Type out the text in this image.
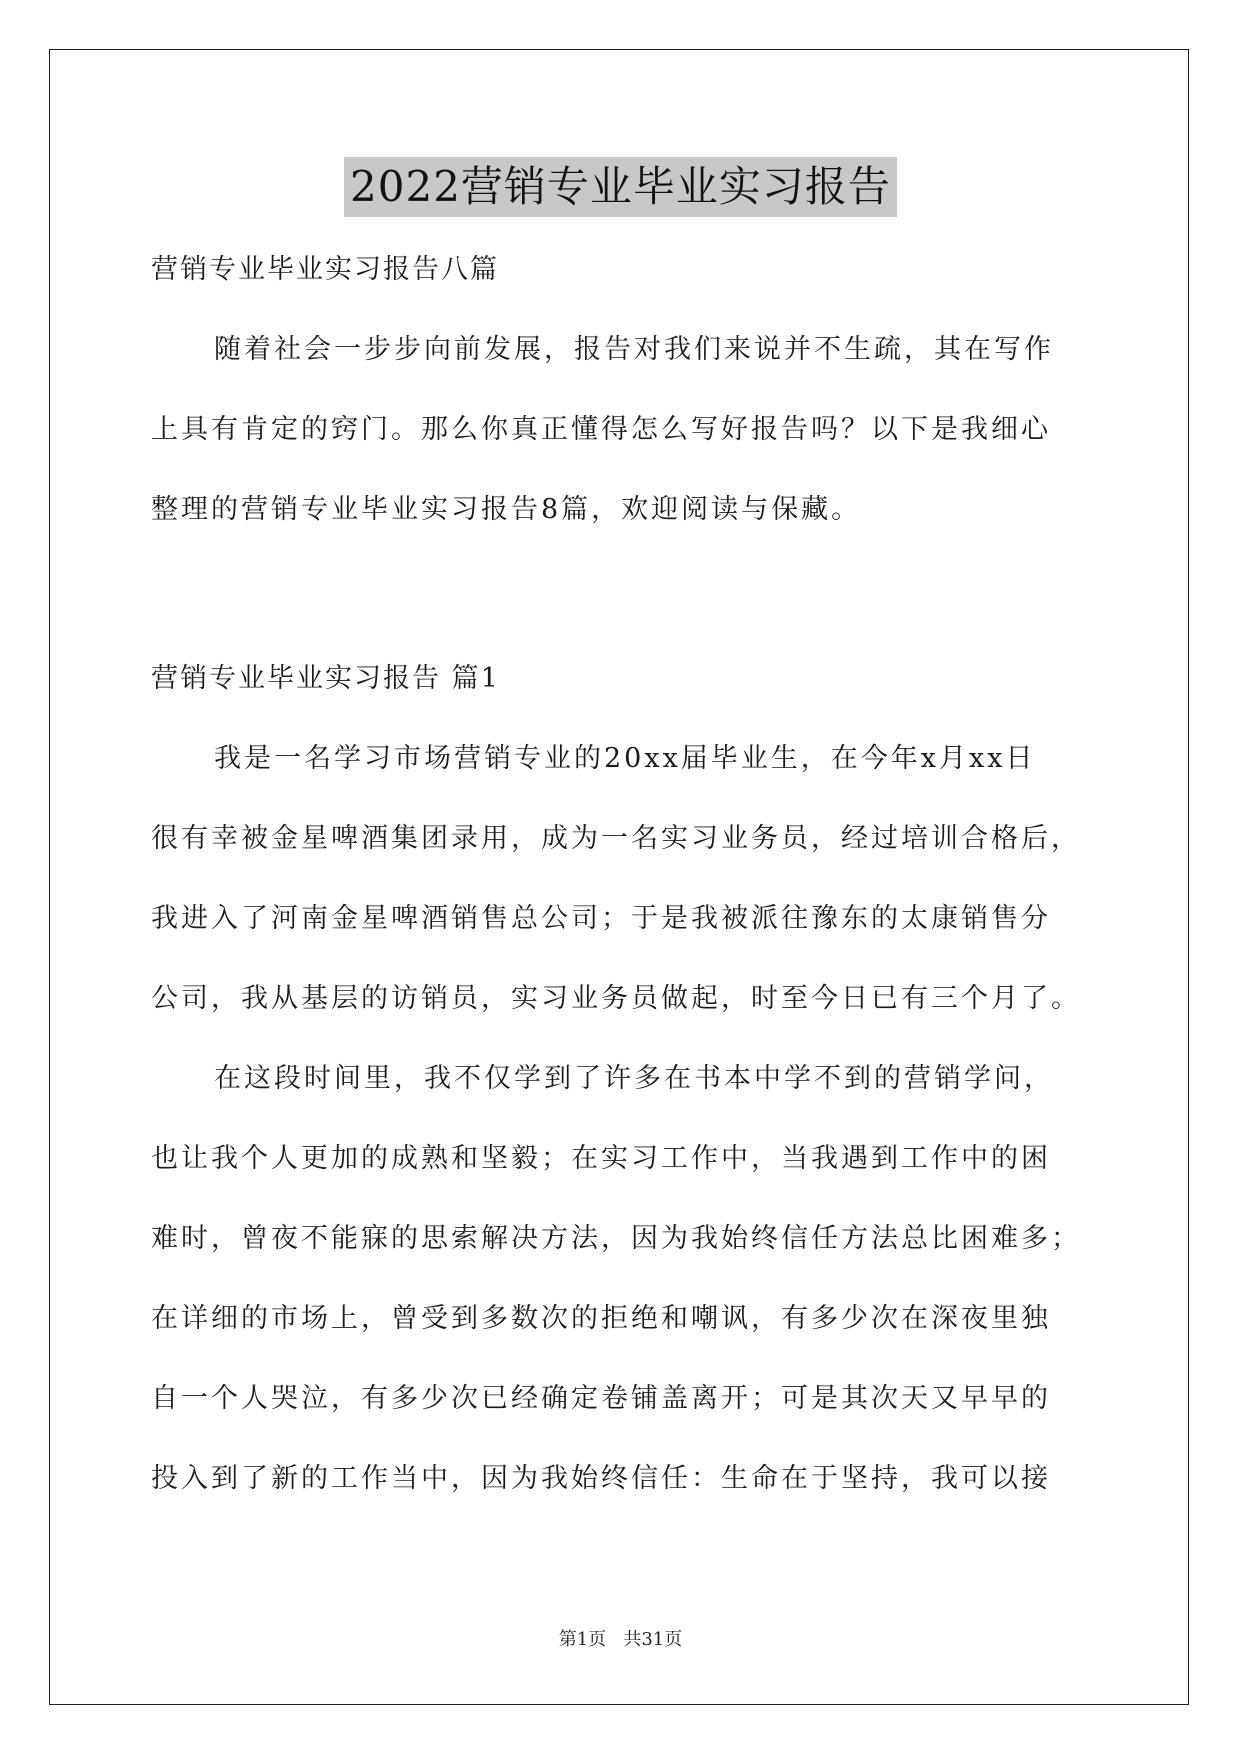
2022营销专业毕业实习报告
营销专业毕业实习报告八篇
随着社会一步步向前发展，报告对我们来说并不生疏，其在写作
上具有肯定的窍门。那么你真正懂得怎么写好报告吗？以下是我细心
整理的营销专业毕业实习报告8篇，欢迎阅读与保藏。
营销专业毕业实习报告 篇1
我是一名学习市场营销专业的20xx届毕业生，在今年x月xx日
很有幸被金星啤酒集团录用，成为一名实习业务员，经过培训合格后，
我进入了河南金星啤酒销售总公司；于是我被派往豫东的太康销售分
公司，我从基层的访销员，实习业务员做起，时至今日已有三个月了。
在这段时间里，我不仅学到了许多在书本中学不到的营销学问，
也让我个人更加的成熟和坚毅；在实习工作中，当我遇到工作中的困
难时，曾夜不能寐的思索解决方法，因为我始终信任方法总比困难多；
在详细的市场上，曾受到多数次的拒绝和嘲讽，有多少次在深夜里独
自一个人哭泣，有多少次已经确定卷铺盖离开；可是其次天又早早的
投入到了新的工作当中，因为我始终信任：生命在于坚持，我可以接
第1页   共31页
